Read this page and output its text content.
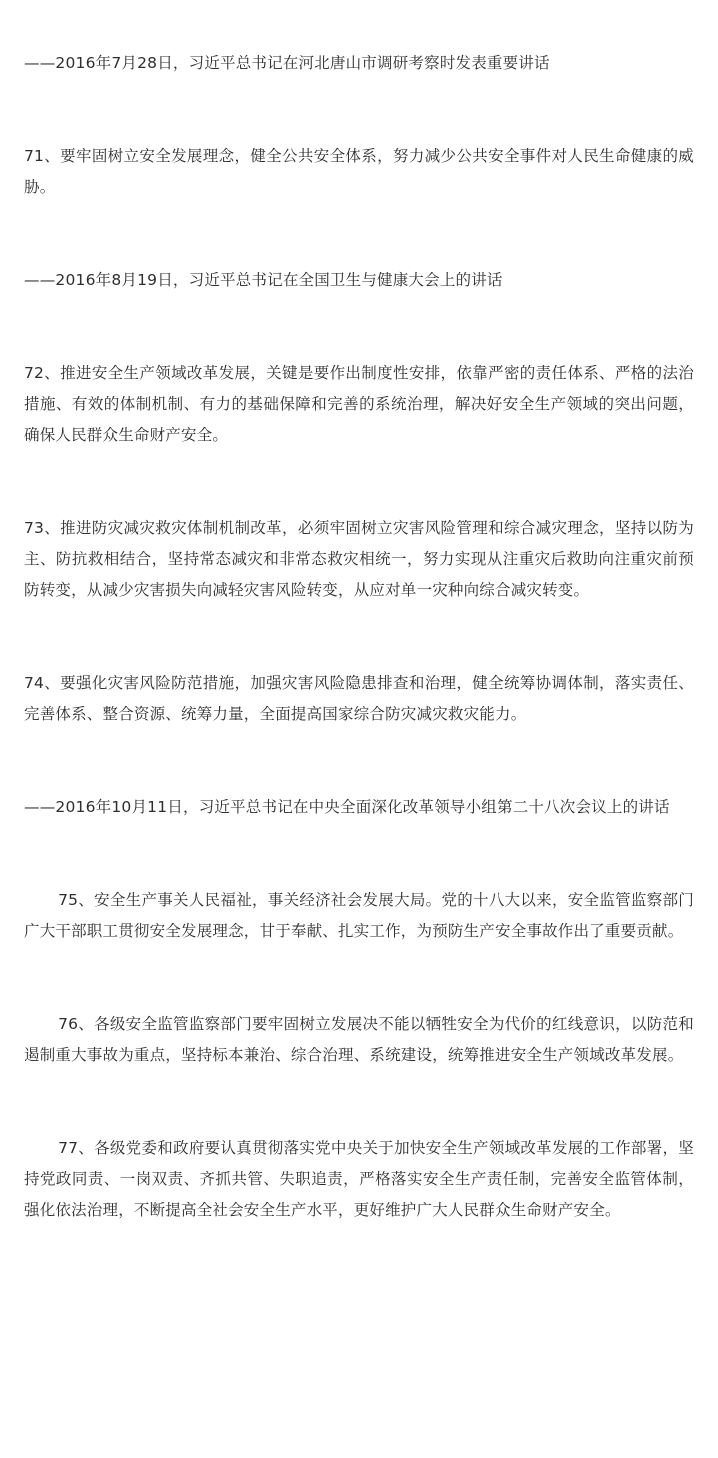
——2016年7月28日，习近平总书记在河北唐山市调研考察时发表重要讲话

71、要牢固树立安全发展理念，健全公共安全体系，努力减少公共安全事件对人民生命健康的威胁。

——2016年8月19日，习近平总书记在全国卫生与健康大会上的讲话

72、推进安全生产领域改革发展，关键是要作出制度性安排，依靠严密的责任体系、严格的法治措施、有效的体制机制、有力的基础保障和完善的系统治理，解决好安全生产领域的突出问题，确保人民群众生命财产安全。

73、推进防灾减灾救灾体制机制改革，必须牢固树立灾害风险管理和综合减灾理念，坚持以防为主、防抗救相结合，坚持常态减灾和非常态救灾相统一，努力实现从注重灾后救助向注重灾前预防转变，从减少灾害损失向减轻灾害风险转变，从应对单一灾种向综合减灾转变。

74、要强化灾害风险防范措施，加强灾害风险隐患排查和治理，健全统筹协调体制，落实责任、完善体系、整合资源、统筹力量，全面提高国家综合防灾减灾救灾能力。

——2016年10月11日，习近平总书记在中央全面深化改革领导小组第二十八次会议上的讲话

75、安全生产事关人民福祉，事关经济社会发展大局。党的十八大以来，安全监管监察部门广大干部职工贯彻安全发展理念，甘于奉献、扎实工作，为预防生产安全事故作出了重要贡献。

76、各级安全监管监察部门要牢固树立发展决不能以牺牲安全为代价的红线意识，以防范和遏制重大事故为重点，坚持标本兼治、综合治理、系统建设，统筹推进安全生产领域改革发展。

77、各级党委和政府要认真贯彻落实党中央关于加快安全生产领域改革发展的工作部署，坚持党政同责、一岗双责、齐抓共管、失职追责，严格落实安全生产责任制，完善安全监管体制，强化依法治理，不断提高全社会安全生产水平，更好维护广大人民群众生命财产安全。
